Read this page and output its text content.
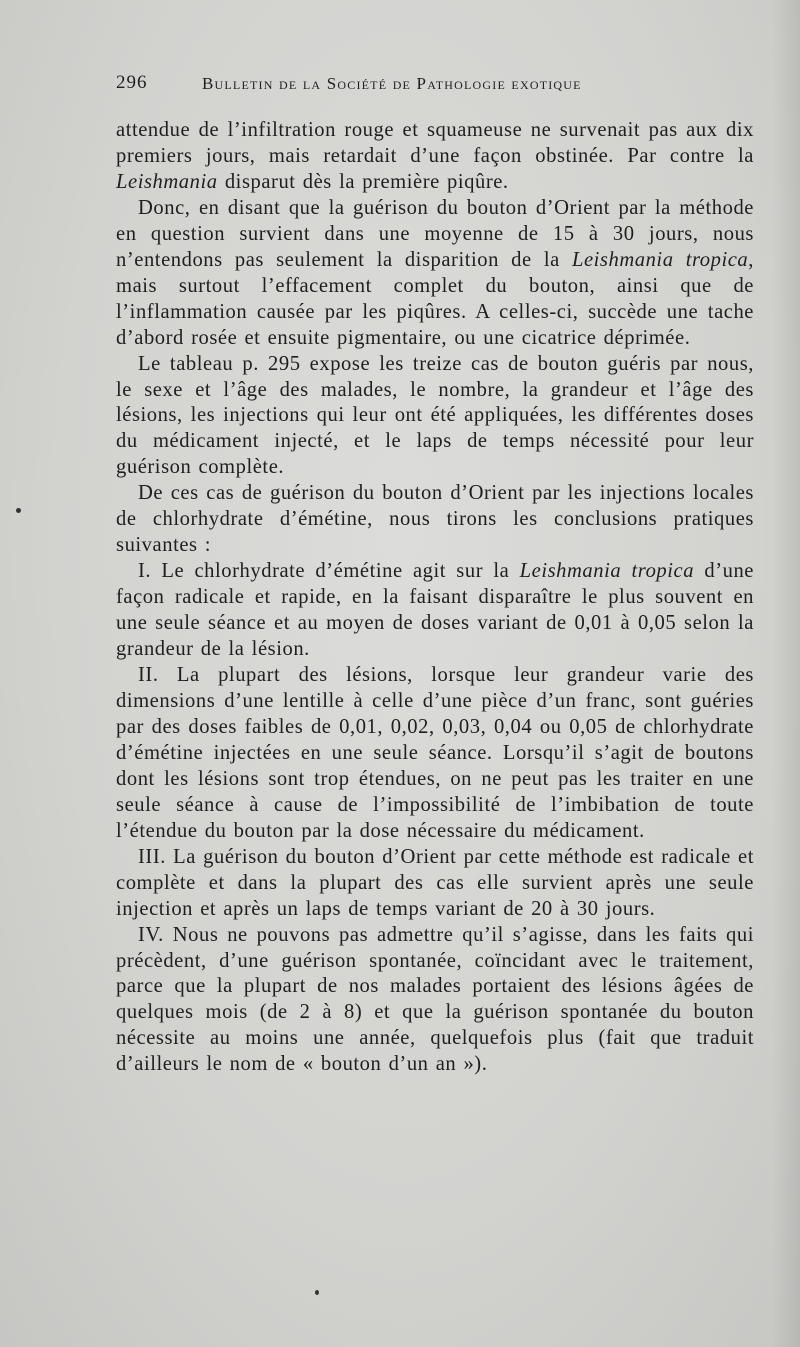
296	Bulletin de la Société de Pathologie exotique

attendue de l’infiltration rouge et squameuse ne survenait pas aux dix premiers jours, mais retardait d’une façon obstinée. Par contre la Leishmania disparut dès la première piqûre.

Donc, en disant que la guérison du bouton d’Orient par la méthode en question survient dans une moyenne de 15 à 30 jours, nous n’entendons pas seulement la disparition de la Leishmania tropica, mais surtout l’effacement complet du bouton, ainsi que de l’inflammation causée par les piqûres. A celles-ci, succède une tache d’abord rosée et ensuite pigmentaire, ou une cicatrice déprimée.

Le tableau p. 295 expose les treize cas de bouton guéris par nous, le sexe et l’âge des malades, le nombre, la grandeur et l’âge des lésions, les injections qui leur ont été appliquées, les différentes doses du médicament injecté, et le laps de temps nécessité pour leur guérison complète.

De ces cas de guérison du bouton d’Orient par les injections locales de chlorhydrate d’émétine, nous tirons les conclusions pratiques suivantes :

I. Le chlorhydrate d’émétine agit sur la Leishmania tropica d’une façon radicale et rapide, en la faisant disparaître le plus souvent en une seule séance et au moyen de doses variant de 0,01 à 0,05 selon la grandeur de la lésion.

II. La plupart des lésions, lorsque leur grandeur varie des dimensions d’une lentille à celle d’une pièce d’un franc, sont guéries par des doses faibles de 0,01, 0,02, 0,03, 0,04 ou 0,05 de chlorhydrate d’émétine injectées en une seule séance. Lorsqu’il s’agit de boutons dont les lésions sont trop étendues, on ne peut pas les traiter en une seule séance à cause de l’impossibilité de l’imbibation de toute l’étendue du bouton par la dose nécessaire du médicament.

III. La guérison du bouton d’Orient par cette méthode est radicale et complète et dans la plupart des cas elle survient après une seule injection et après un laps de temps variant de 20 à 30 jours.

IV. Nous ne pouvons pas admettre qu’il s’agisse, dans les faits qui précèdent, d’une guérison spontanée, coïncidant avec le traitement, parce que la plupart de nos malades portaient des lésions âgées de quelques mois (de 2 à 8) et que la guérison spontanée du bouton nécessite au moins une année, quelquefois plus (fait que traduit d’ailleurs le nom de « bouton d’un an »).
